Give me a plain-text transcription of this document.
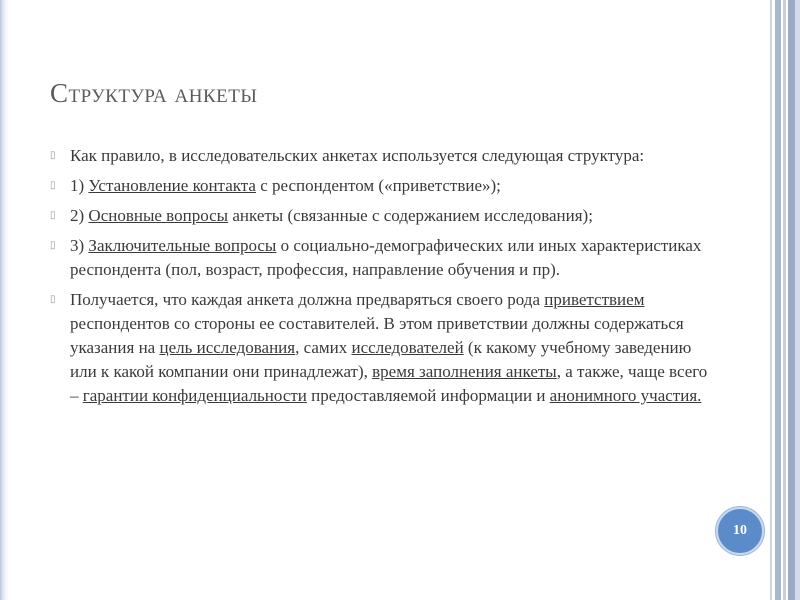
Структура анкеты
▯ Как правило, в исследовательских анкетах используется следующая структура:
▯ 1) Установление контакта с респондентом («приветствие»);
▯ 2) Основные вопросы анкеты (связанные с содержанием исследования);
▯ 3) Заключительные вопросы о социально-демографических или иных характеристиках респондента (пол, возраст, профессия, направление обучения и пр).
▯ Получается, что каждая анкета должна предваряться своего рода приветствием респондентов со стороны ее составителей. В этом приветствии должны содержаться указания на цель исследования, самих исследователей (к какому учебному заведению или к какой компании они принадлежат), время заполнения анкеты, а также, чаще всего – гарантии конфиденциальности предоставляемой информации и анонимного участия.
10
